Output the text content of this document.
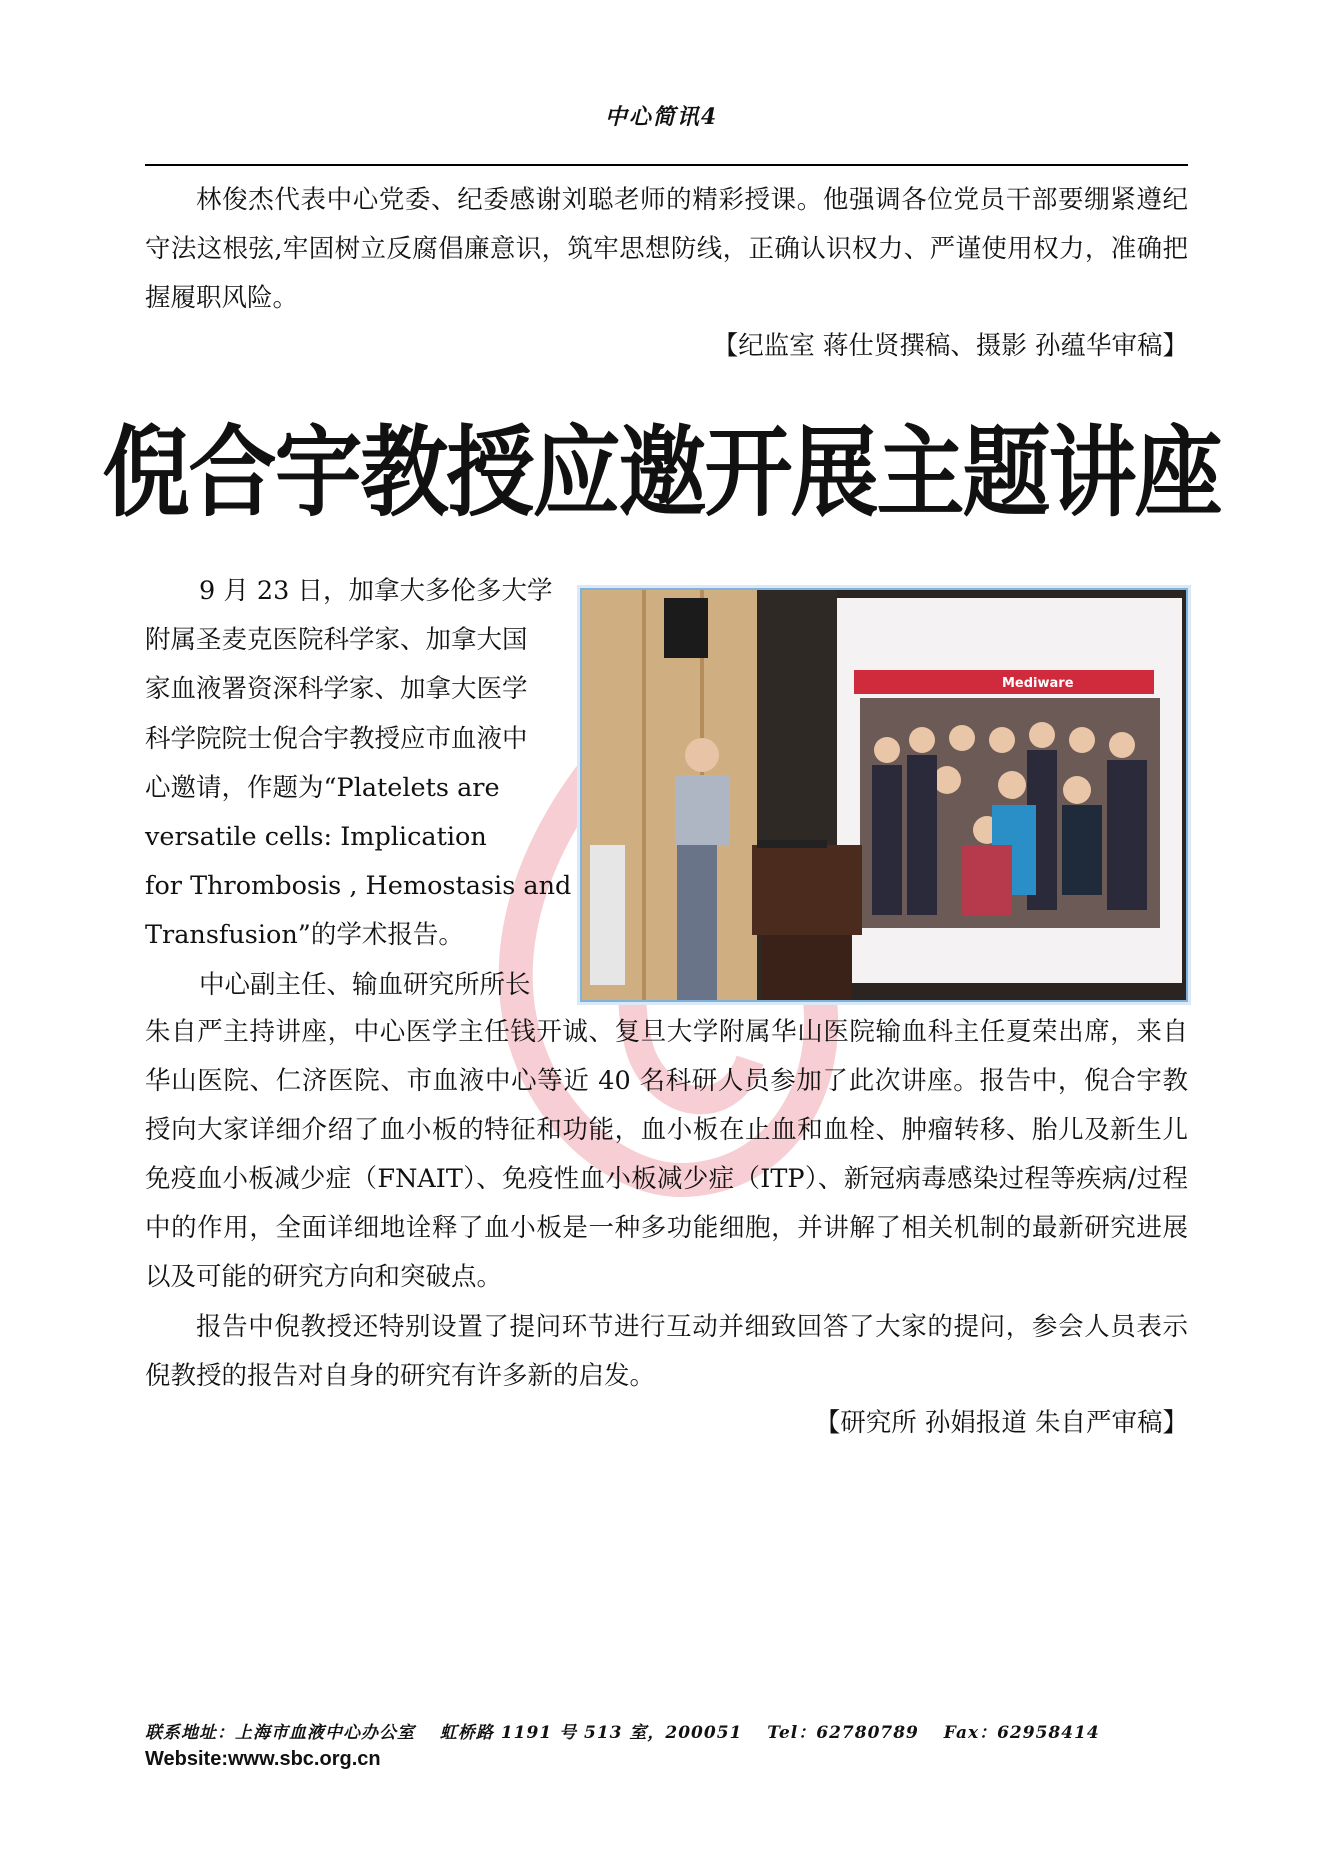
中心简讯4

林俊杰代表中心党委、纪委感谢刘聪老师的精彩授课。他强调各位党员干部要绷紧遵纪守法这根弦,牢固树立反腐倡廉意识，筑牢思想防线，正确认识权力、严谨使用权力，准确把握履职风险。

【纪监室 蒋仕贤撰稿、摄影 孙蕴华审稿】
倪合宇教授应邀开展主题讲座
9 月 23 日，加拿大多伦多大学
附属圣麦克医院科学家、加拿大国
家血液署资深科学家、加拿大医学
科学院院士倪合宇教授应市血液中
心邀请，作题为“Platelets are
versatile cells: Implication
for Thrombosis , Hemostasis and
Transfusion”的学术报告。
中心副主任、输血研究所所长
Mediware

朱自严主持讲座，中心医学主任钱开诚、复旦大学附属华山医院输血科主任夏荣出席，来自华山医院、仁济医院、市血液中心等近 40 名科研人员参加了此次讲座。报告中，倪合宇教授向大家详细介绍了血小板的特征和功能，血小板在止血和血栓、肿瘤转移、胎儿及新生儿免疫血小板减少症（FNAIT）、免疫性血小板减少症（ITP）、新冠病毒感染过程等疾病/过程中的作用，全面详细地诠释了血小板是一种多功能细胞，并讲解了相关机制的最新研究进展以及可能的研究方向和突破点。

报告中倪教授还特别设置了提问环节进行互动并细致回答了大家的提问，参会人员表示倪教授的报告对自身的研究有许多新的启发。

【研究所 孙娟报道 朱自严审稿】
联系地址：上海市血液中心办公室　 虹桥路 1191 号 513 室，200051　 Tel：62780789　 Fax：62958414
Website:www.sbc.org.cn
